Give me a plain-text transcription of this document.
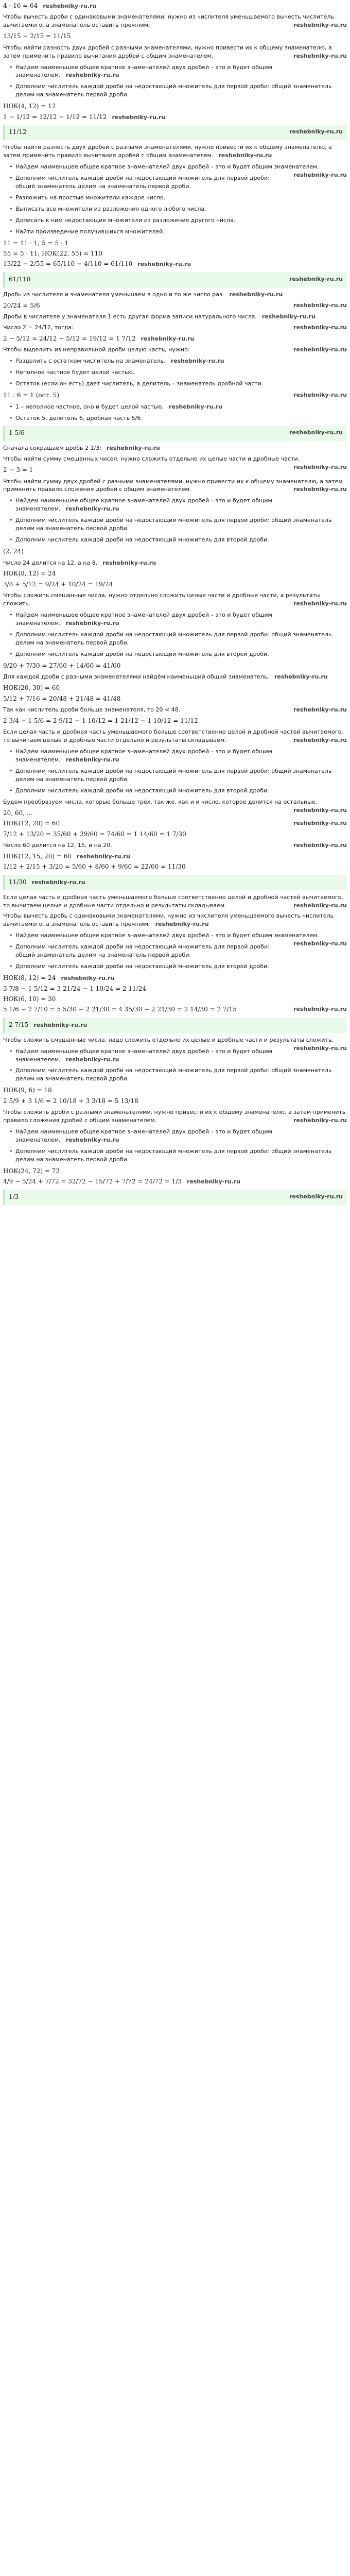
4 · 16 = 64 reshebniky-ru.ru
Чтобы вычесть дроби с одинаковыми знаменателями, нужно из числителя уменьшаемого вычесть числитель вычитаемого, а знаменатель оставить прежним:	reshebniky-ru.ru
13/15 − 2/15 = 11/15
Чтобы найти разность двух дробей с разными знаменателями, нужно привести их к общему знаменателю, а затем применить правило вычитания дробей с общим знаменателем.	reshebniky-ru.ru
• Найдем наименьшее общее кратное знаменателей двух дробей – это и будет общим знаменателем. reshebniky-ru.ru
• Дополним числитель каждой дроби на недостающий множитель для первой дроби: общий знаменатель делим на знаменатель первой дроби.
НОК(4, 12) = 12
1 − 1/12 = 12/12 − 1/12 = 11/12 reshebniky-ru.ru
11/12	reshebniky-ru.ru
Чтобы найти разность двух дробей с разными знаменателями, нужно привести их к общему знаменателю, а затем применить правило вычитания дробей с общим знаменателем. reshebniky-ru.ru
• Найдем наименьшее общее кратное знаменателей двух дробей – это и будет общим знаменателем.
reshebniky-ru.ru
• Дополним числитель каждой дроби на недостающий множитель для первой дроби: общий знаменатель делим на знаменатель первой дроби.
• Разложить на простые множители каждое число.
• Выписать все множители из разложения одного любого числа.
• Дописать к ним недостающие множители из разложения другого числа.
• Найти произведение получившихся множителей.
11 = 11 · 1; 5 = 5 · 1
55 = 5 · 11; НОК(22, 55) = 110
13/22 − 2/55 = 65/110 − 4/110 = 61/110 reshebniky-ru.ru
61/110	reshebniky-ru.ru
Дробь из числителя и знаменателя уменьшаем в одно и то же число раз. reshebniky-ru.ru
20/24 = 5/6	reshebniky-ru.ru
Дроби в числителе у знаменателя 1 есть другая форма записи натурального числа. reshebniky-ru.ru
Число 2 = 24/12, тогда:	reshebniky-ru.ru
2 − 5/12 = 24/12 − 5/12 = 19/12 = 1 7/12 reshebniky-ru.ru
Чтобы выделить из неправильной дроби целую часть, нужно:	reshebniky-ru.ru
• Разделить с остатком числитель на знаменатель. reshebniky-ru.ru
• Неполное частное будет целой частью.
• Остаток (если он есть) дает числитель, а делитель – знаменатель дробной части.
11 : 6 = 1 (ост. 5)	reshebniky-ru.ru
• 1 – неполное частное, оно и будет целой частью. reshebniky-ru.ru
• Остаток 5, делитель 6, дробная часть 5/6.
1 5/6	reshebniky-ru.ru
Сначала сокращаем дробь 2 1/3: reshebniky-ru.ru
Чтобы найти сумму смешанных чисел, нужно сложить отдельно их целые части и дробные части.
reshebniky-ru.ru
2 − 3 = 1
Чтобы найти сумму двух дробей с разными знаменателями, нужно привести их к общему знаменателю, а затем применить правило сложения дробей с общим знаменателем.	reshebniky-ru.ru
• Найдем наименьшее общее кратное знаменателей двух дробей – это и будет общим знаменателем. reshebniky-ru.ru
• Дополним числитель каждой дроби на недостающий множитель для первой дроби: общий знаменатель делим на знаменатель первой дроби.
• Дополним числитель каждой дроби на недостающий множитель для второй дроби.
(2, 24)
Число 24 делится на 12, а на 8. reshebniky-ru.ru
НОК(8, 12) = 24
3/8 + 5/12 = 9/24 + 10/24 = 19/24
Чтобы сложить смешанные числа, нужно отдельно сложить целые части и дробные части, а результаты сложить.	reshebniky-ru.ru
• Найдем наименьшее общее кратное знаменателей двух дробей – это и будет общим знаменателем. reshebniky-ru.ru
• Дополним числитель каждой дроби на недостающий множитель для первой дроби: общий знаменатель делим на знаменатель первой дроби.
• Дополним числитель каждой дроби на недостающий множитель для второй дроби.
9/20 + 7/30 = 27/60 + 14/60 = 41/60
Для каждой дроби с разными знаменателями найдём наименьший общий знаменатель. reshebniky-ru.ru
НОК(20, 30) = 60
5/12 + 7/16 = 20/48 + 21/48 = 41/48
Так как числитель дроби больше знаменателя, то 20 < 48.	reshebniky-ru.ru
2 3/4 − 1 5/6 = 2 9/12 − 1 10/12 = 1 21/12 − 1 10/12 = 11/12
Если целая часть и дробная часть уменьшаемого больше соответственно целой и дробной частей вычитаемого, то вычитаем целые и дробные части отдельно и результаты складываем.	reshebniky-ru.ru
• Найдем наименьшее общее кратное знаменателей двух дробей – это и будет общим знаменателем. reshebniky-ru.ru
• Дополним числитель каждой дроби на недостающий множитель для первой дроби: общий знаменатель делим на знаменатель первой дроби.
• Дополним числитель каждой дроби на недостающий множитель для второй дроби.
Будем преобразуем числа, которые больше трёх, так же, как и и число, которое делится на остальные.
reshebniky-ru.ru
20, 60, …
НОК(12, 20) = 60	reshebniky-ru.ru
7/12 + 13/20 = 35/60 + 39/60 = 74/60 = 1 14/60 = 1 7/30
Число 60 делится на 12, 15, и на 20.	reshebniky-ru.ru
НОК(12, 15, 20) = 60 reshebniky-ru.ru
1/12 + 2/15 + 3/20 = 5/60 + 8/60 + 9/60 = 22/60 = 11/30
11/30 reshebniky-ru.ru
Если целая часть и дробная часть уменьшаемого больше соответственно целой и дробной частей вычитаемого, то вычитаем целые и дробные части отдельно и результаты складываем.	reshebniky-ru.ru
Чтобы вычесть дробь с одинаковыми знаменателями, нужно из числителя уменьшаемого вычесть числитель вычитаемого, а знаменатель оставить прежним: reshebniky-ru.ru
• Найдем наименьшее общее кратное знаменателей двух дробей – это и будет общим знаменателем.
reshebniky-ru.ru
• Дополним числитель каждой дроби на недостающий множитель для первой дроби: общий знаменатель делим на знаменатель первой дроби.
• Дополним числитель каждой дроби на недостающий множитель для второй дроби.
НОК(8, 12) = 24 reshebniky-ru.ru
3 7/8 − 1 5/12 = 3 21/24 − 1 10/24 = 2 11/24
НОК(6, 10) = 30
5 1/6 − 2 7/10 = 5 5/30 − 2 21/30 = 4 35/30 − 2 21/30 = 2 14/30 = 2 7/15	reshebniky-ru.ru
2 7/15 reshebniky-ru.ru
Чтобы сложить смешанные числа, надо сложить отдельно их целые и дробные части и результаты сложить.
reshebniky-ru.ru
• Найдем наименьшее общее кратное знаменателей двух дробей – это и будет общим знаменателем. reshebniky-ru.ru
• Дополним числитель каждой дроби на недостающий множитель для первой дроби: общий знаменатель делим на знаменатель первой дроби.
НОК(9, 6) = 18
2 5/9 + 3 1/6 = 2 10/18 + 3 3/18 = 5 13/18
Чтобы сложить дроби с разными знаменателями, нужно привести их к общему знаменателю, а затем применить правило сложения дробей с общим знаменателем.	reshebniky-ru.ru
• Найдем наименьшее общее кратное знаменателей двух дробей – это и будет общим знаменателем. reshebniky-ru.ru
• Дополним числитель каждой дроби на недостающий множитель для первой дроби: общий знаменатель делим на знаменатель первой дроби.
НОК(24, 72) = 72
4/9 − 5/24 + 7/72 = 32/72 − 15/72 + 7/72 = 24/72 = 1/3 reshebniky-ru.ru
1/3	reshebniky-ru.ru
